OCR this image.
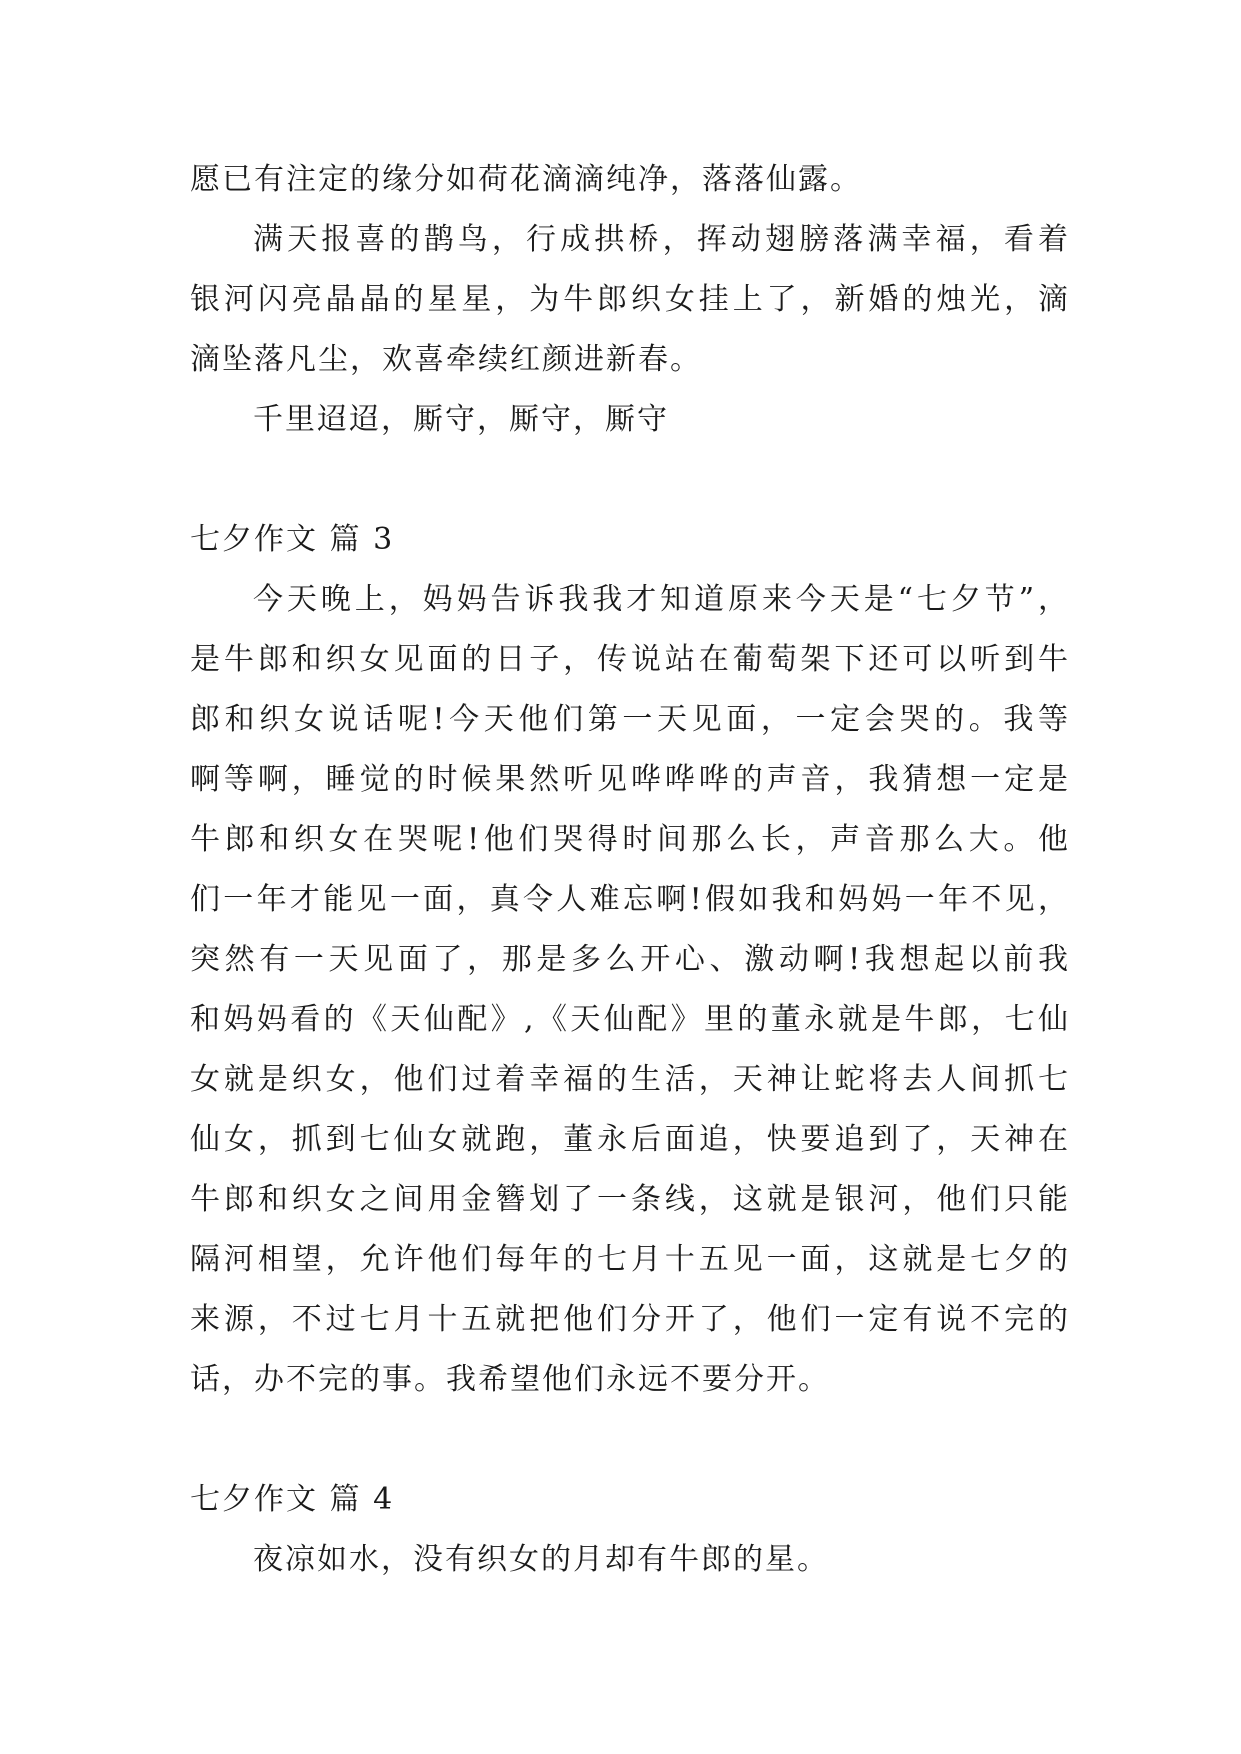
愿已有注定的缘分如荷花滴滴纯净，落落仙露。
满天报喜的鹊鸟，行成拱桥，挥动翅膀落满幸福，看着
银河闪亮晶晶的星星，为牛郎织女挂上了，新婚的烛光，滴
滴坠落凡尘，欢喜牵续红颜进新春。
千里迢迢，厮守，厮守，厮守
七夕作文 篇 3
今天晚上，妈妈告诉我我才知道原来今天是“七夕节”，
是牛郎和织女见面的日子，传说站在葡萄架下还可以听到牛
郎和织女说话呢!今天他们第一天见面，一定会哭的。我等
啊等啊，睡觉的时候果然听见哗哗哗的声音，我猜想一定是
牛郎和织女在哭呢!他们哭得时间那么长，声音那么大。他
们一年才能见一面，真令人难忘啊!假如我和妈妈一年不见，
突然有一天见面了，那是多么开心、激动啊!我想起以前我
和妈妈看的《天仙配》,《天仙配》里的董永就是牛郎，七仙
女就是织女，他们过着幸福的生活，天神让蛇将去人间抓七
仙女，抓到七仙女就跑，董永后面追，快要追到了，天神在
牛郎和织女之间用金簪划了一条线，这就是银河，他们只能
隔河相望，允许他们每年的七月十五见一面，这就是七夕的
来源，不过七月十五就把他们分开了，他们一定有说不完的
话，办不完的事。我希望他们永远不要分开。
七夕作文 篇 4
夜凉如水，没有织女的月却有牛郎的星。
